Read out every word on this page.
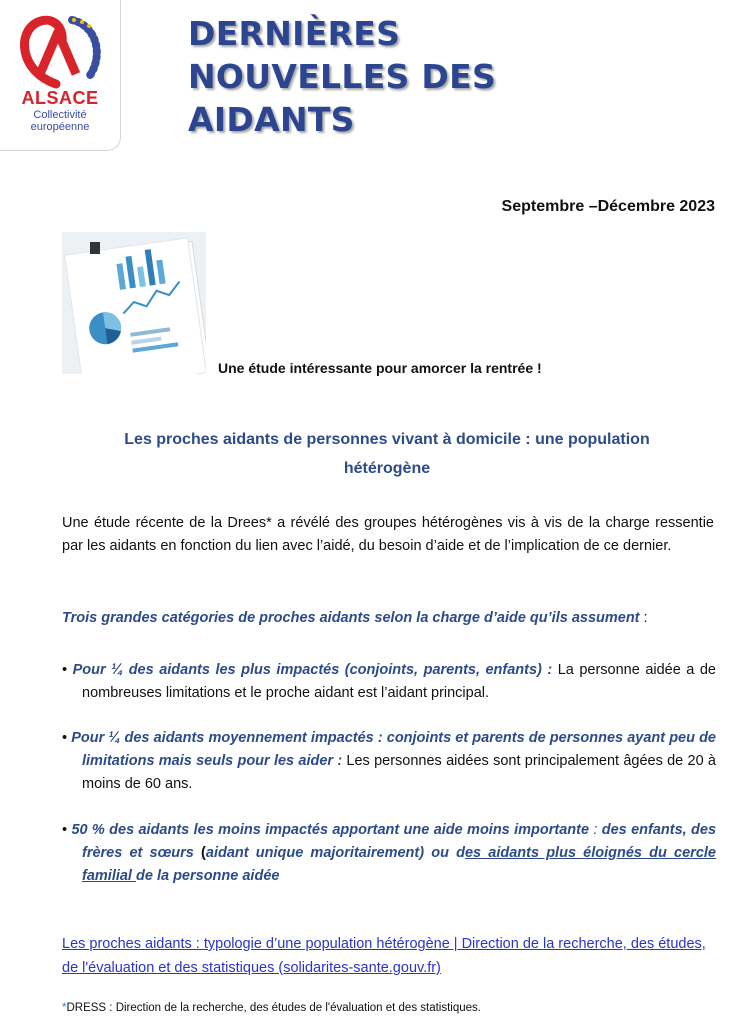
ALSACE
Collectivité
européenne
DERNIÈRES
NOUVELLES DES
AIDANTS
Septembre –Décembre 2023
Une étude intéressante pour amorcer la rentrée !
Les proches aidants de personnes vivant à domicile : une population
hétérogène
Une étude récente de la Drees* a révélé des groupes hétérogènes vis à vis de la charge ressentie par les aidants en fonction du lien avec l’aidé, du besoin d’aide et de l’implication de ce dernier.
Trois grandes catégories de proches aidants selon la charge d’aide qu’ils assument :
• Pour ¼ des aidants les plus impactés (conjoints, parents, enfants) : La personne aidée a de nombreuses limitations et le proche aidant est l’aidant principal.
• Pour ¼ des aidants moyennement impactés : conjoints et parents de personnes ayant peu de limitations mais seuls pour les aider : Les personnes aidées sont principalement âgées de 20 à moins de 60 ans.
• 50 % des aidants les moins impactés apportant une aide moins importante : des enfants, des frères et sœurs (aidant unique majoritairement) ou des aidants plus éloignés du cercle familial de la personne aidée
Les proches aidants : typologie d’une population hétérogène | Direction de la recherche, des études, de l'évaluation et des statistiques (solidarites-sante.gouv.fr)
*DRESS : Direction de la recherche, des études de l'évaluation et des statistiques.
